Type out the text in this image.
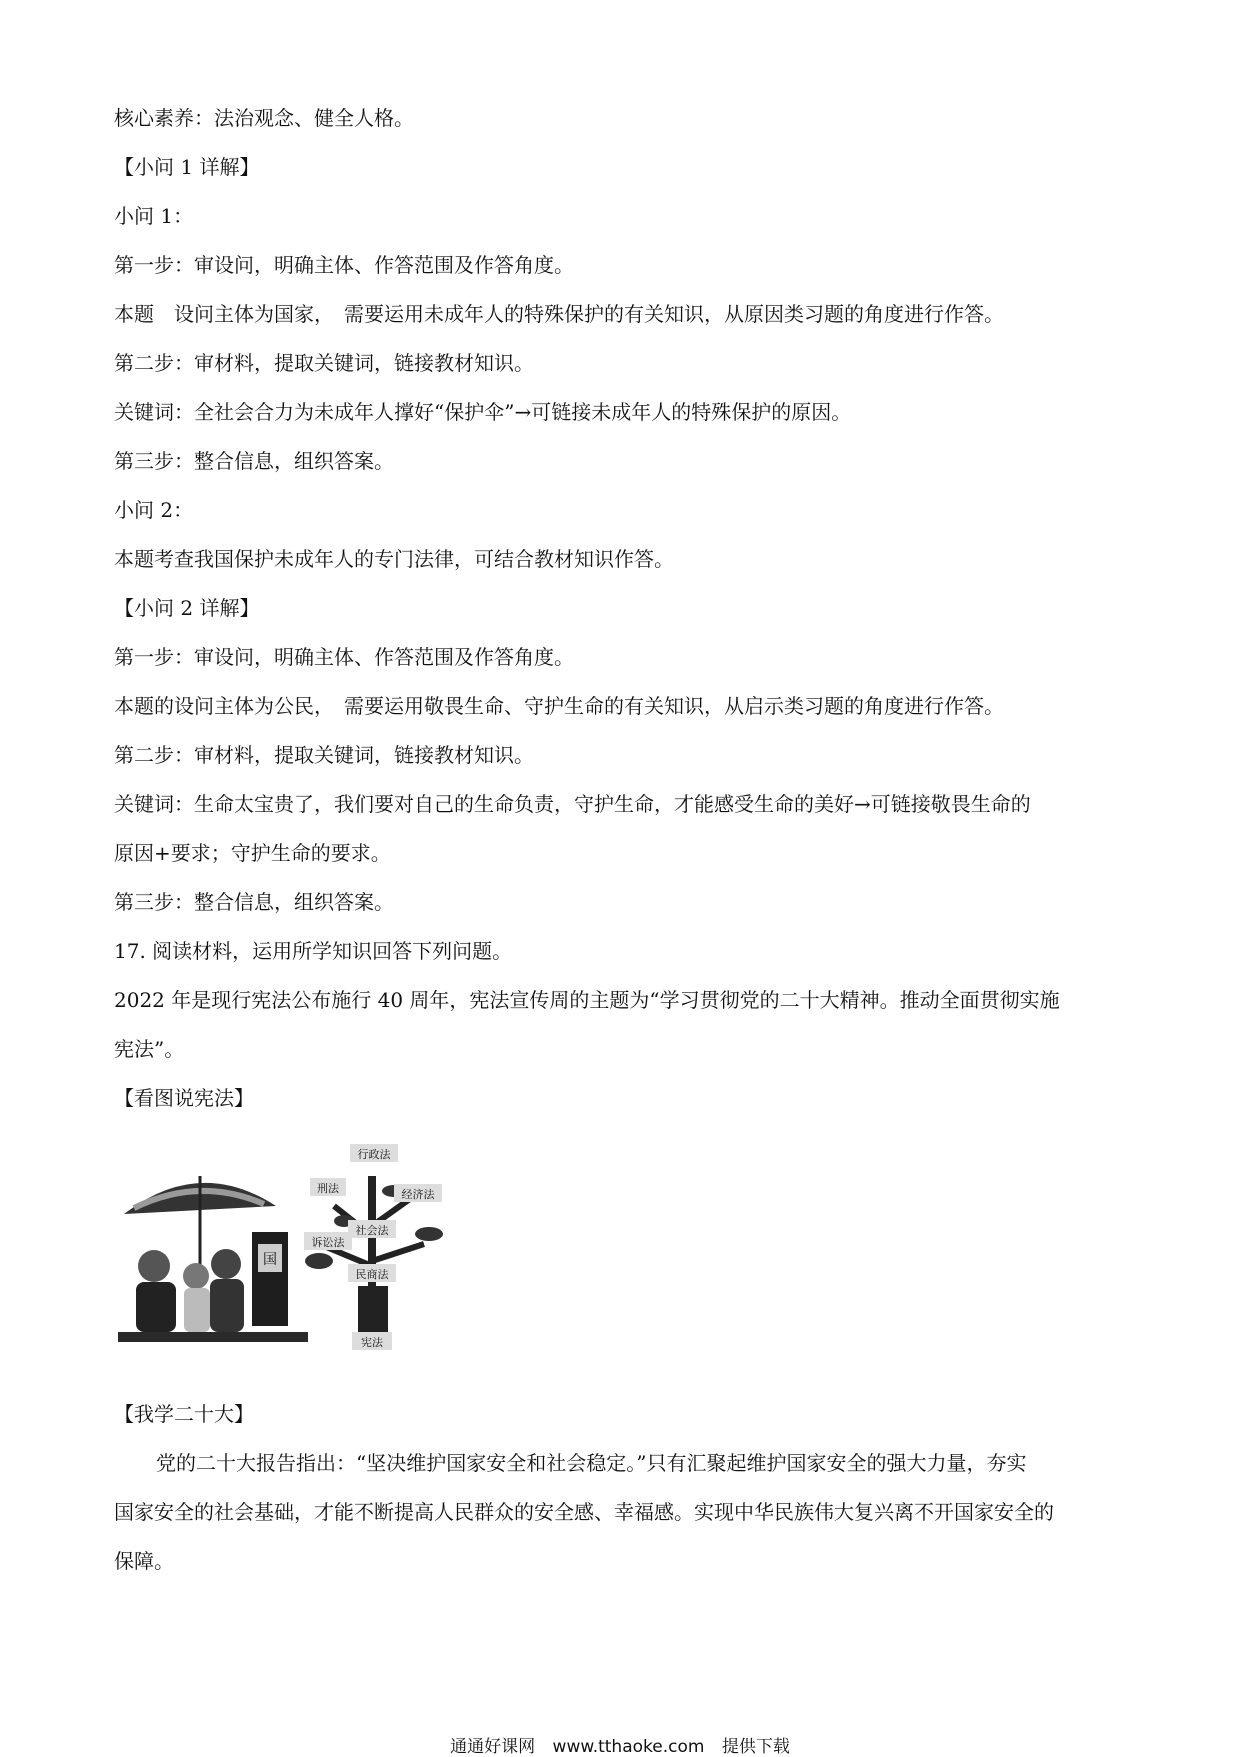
核心素养：法治观念、健全人格。
【小问 1 详解】
小问 1：
第一步：审设问，明确主体、作答范围及作答角度。
本题　设问主体为国家，　需要运用未成年人的特殊保护的有关知识，从原因类习题的角度进行作答。
第二步：审材料，提取关键词，链接教材知识。
关键词：全社会合力为未成年人撑好“保护伞”→可链接未成年人的特殊保护的原因。
第三步：整合信息，组织答案。
小问 2：
本题考查我国保护未成年人的专门法律，可结合教材知识作答。
【小问 2 详解】
第一步：审设问，明确主体、作答范围及作答角度。
本题的设问主体为公民，　需要运用敬畏生命、守护生命的有关知识，从启示类习题的角度进行作答。
第二步：审材料，提取关键词，链接教材知识。
关键词：生命太宝贵了，我们要对自己的生命负责，守护生命，才能感受生命的美好→可链接敬畏生命的
原因+要求；守护生命的要求。
第三步：整合信息，组织答案。
17. 阅读材料，运用所学知识回答下列问题。
2022 年是现行宪法公布施行 40 周年，宪法宣传周的主题为“学习贯彻党的二十大精神。推动全面贯彻实施
宪法”。
【看图说宪法】
国
行政法
刑法	经济法
诉讼法
社会法
民商法
宪法
【我学二十大】
党的二十大报告指出：“坚决维护国家安全和社会稳定。”只有汇聚起维护国家安全的强大力量，夯实
国家安全的社会基础，才能不断提高人民群众的安全感、幸福感。实现中华民族伟大复兴离不开国家安全的
保障。
通通好课网 www.tthaoke.com 提供下载
